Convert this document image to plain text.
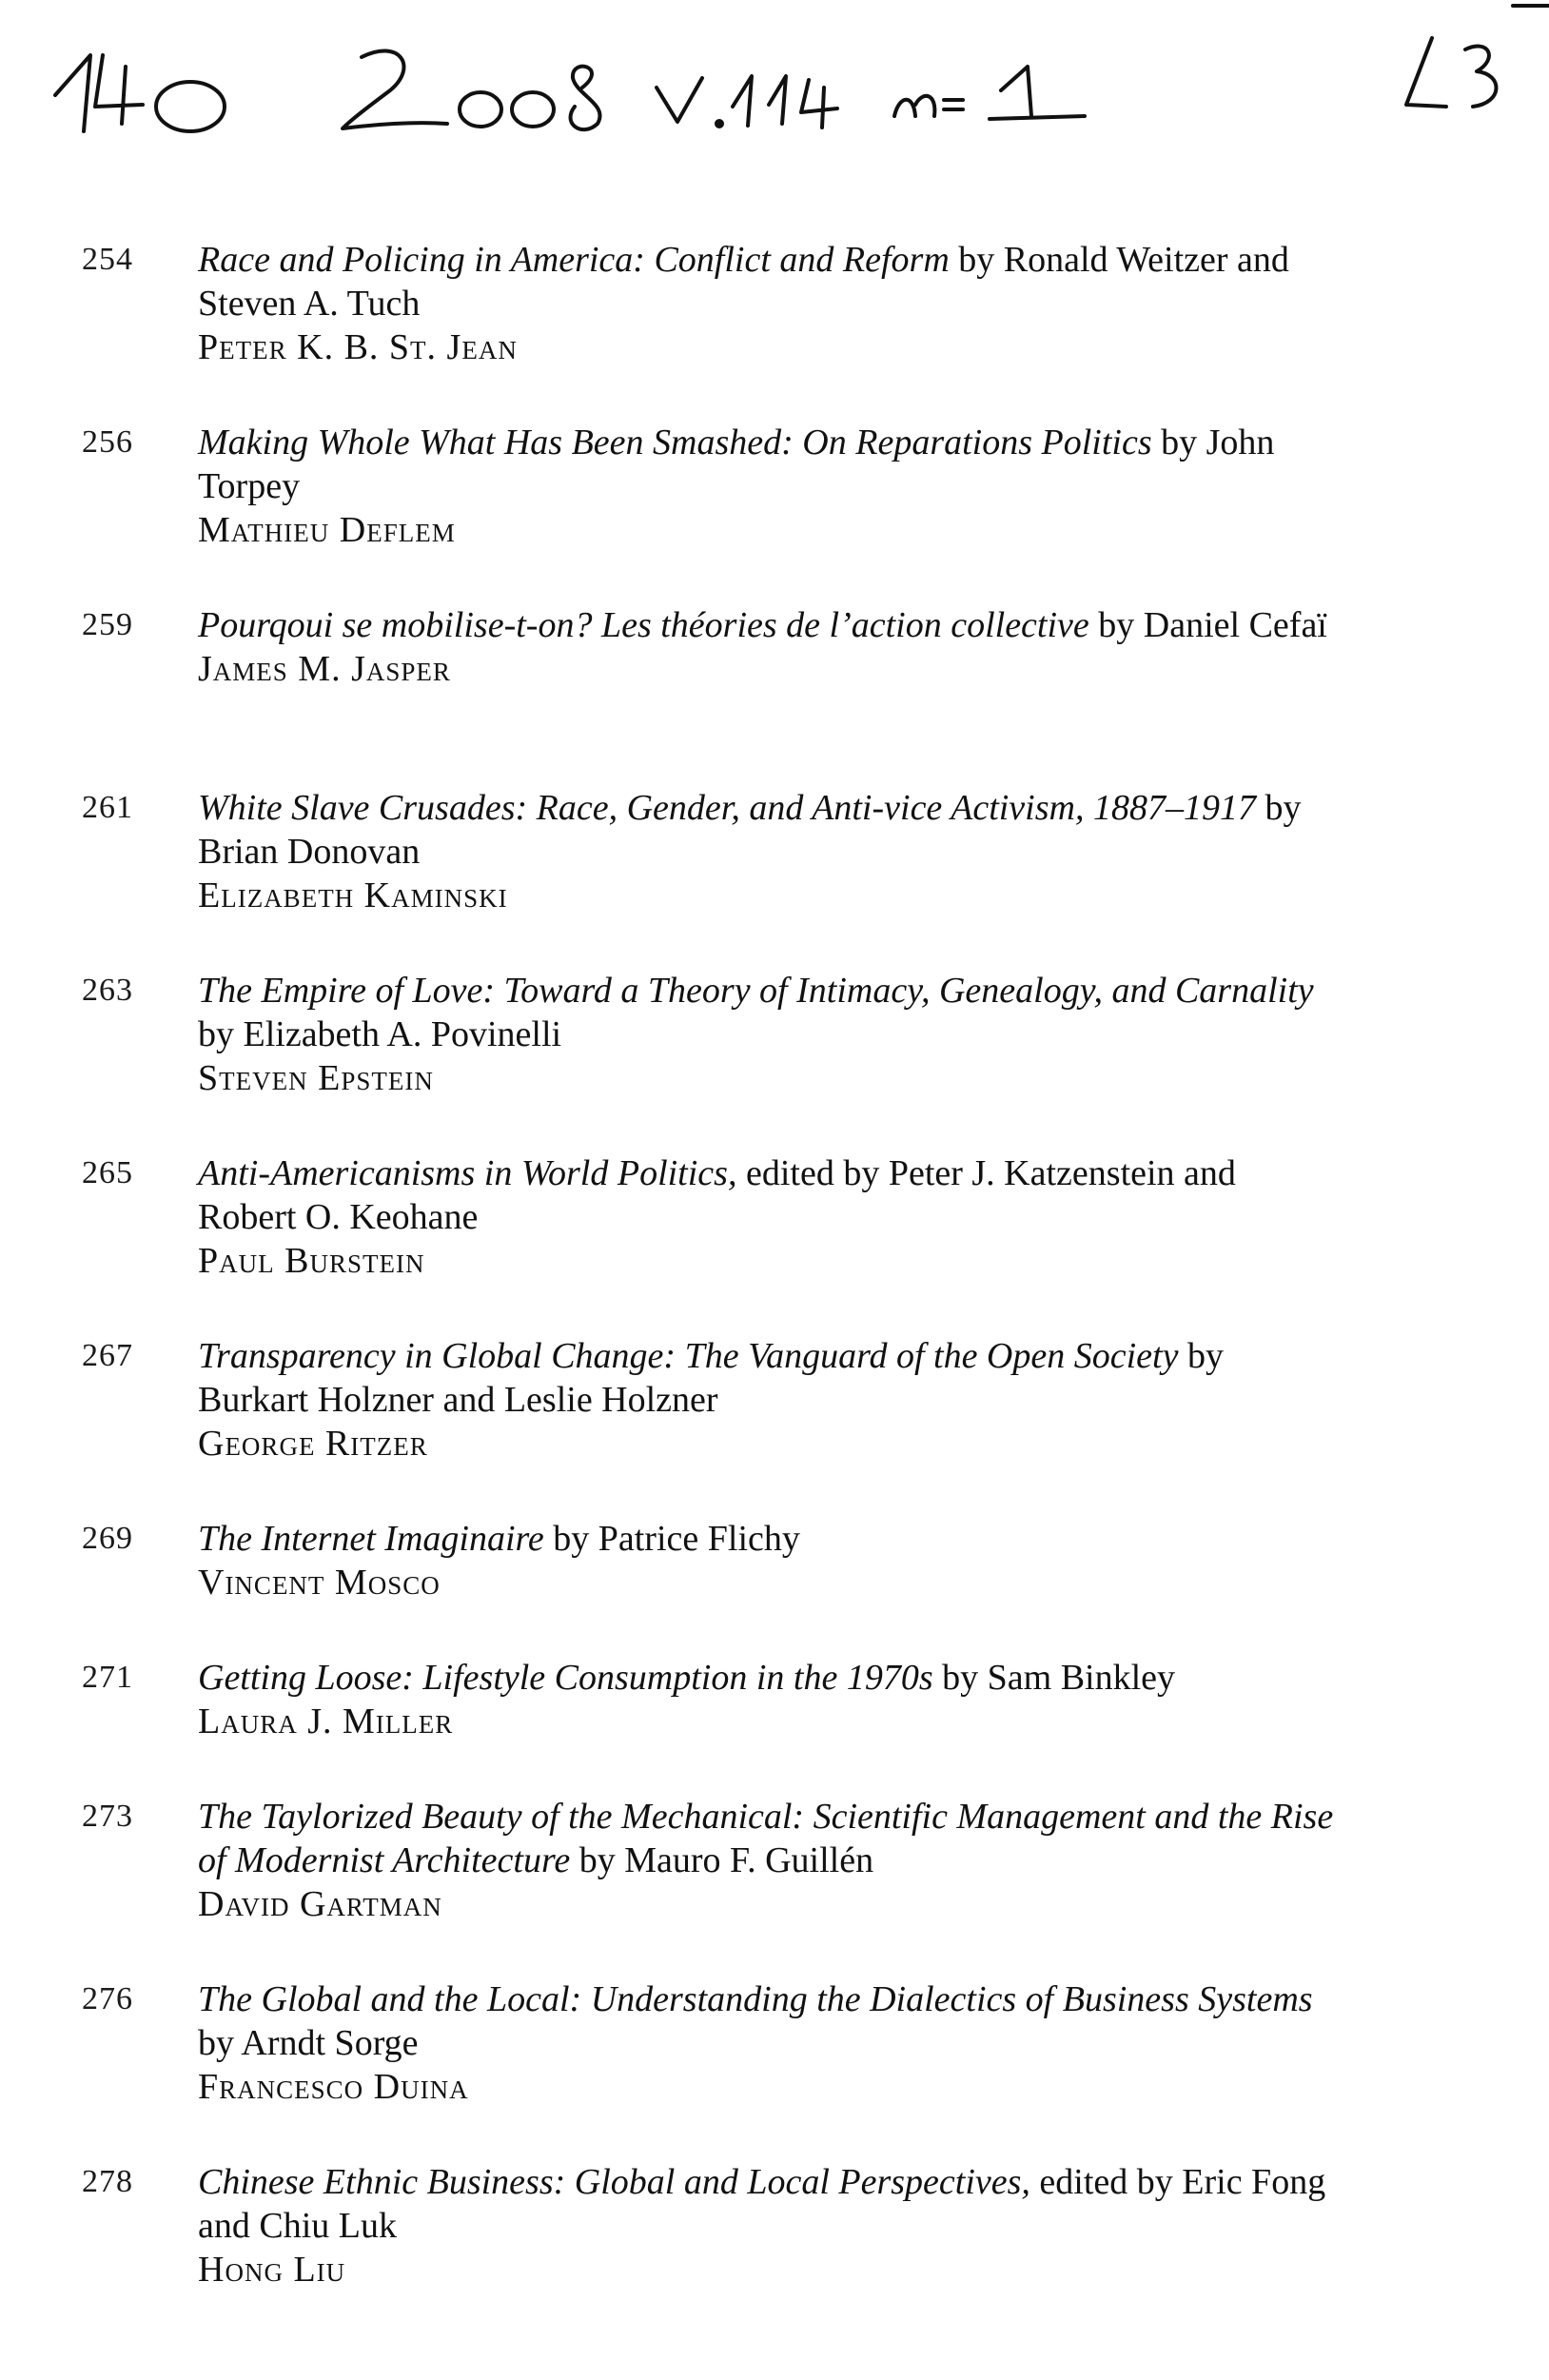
254	Race and Policing in America: Conflict and Reform by Ronald Weitzer and Steven A. Tuch
Peter K. B. St. Jean
256	Making Whole What Has Been Smashed: On Reparations Politics by John Torpey
Mathieu Deflem
259	Pourqoui se mobilise-t-on? Les théories de l’action collective by Daniel Cefaï
James M. Jasper
261	White Slave Crusades: Race, Gender, and Anti-vice Activism, 1887–1917 by Brian Donovan
Elizabeth Kaminski
263	The Empire of Love: Toward a Theory of Intimacy, Genealogy, and Carnality by Elizabeth A. Povinelli
Steven Epstein
265	Anti-Americanisms in World Politics, edited by Peter J. Katzenstein and Robert O. Keohane
Paul Burstein
267	Transparency in Global Change: The Vanguard of the Open Society by Burkart Holzner and Leslie Holzner
George Ritzer
269	The Internet Imaginaire by Patrice Flichy
Vincent Mosco
271	Getting Loose: Lifestyle Consumption in the 1970s by Sam Binkley
Laura J. Miller
273	The Taylorized Beauty of the Mechanical: Scientific Management and the Rise of Modernist Architecture by Mauro F. Guillén
David Gartman
276	The Global and the Local: Understanding the Dialectics of Business Systems by Arndt Sorge
Francesco Duina
278	Chinese Ethnic Business: Global and Local Perspectives, edited by Eric Fong and Chiu Luk
Hong Liu
